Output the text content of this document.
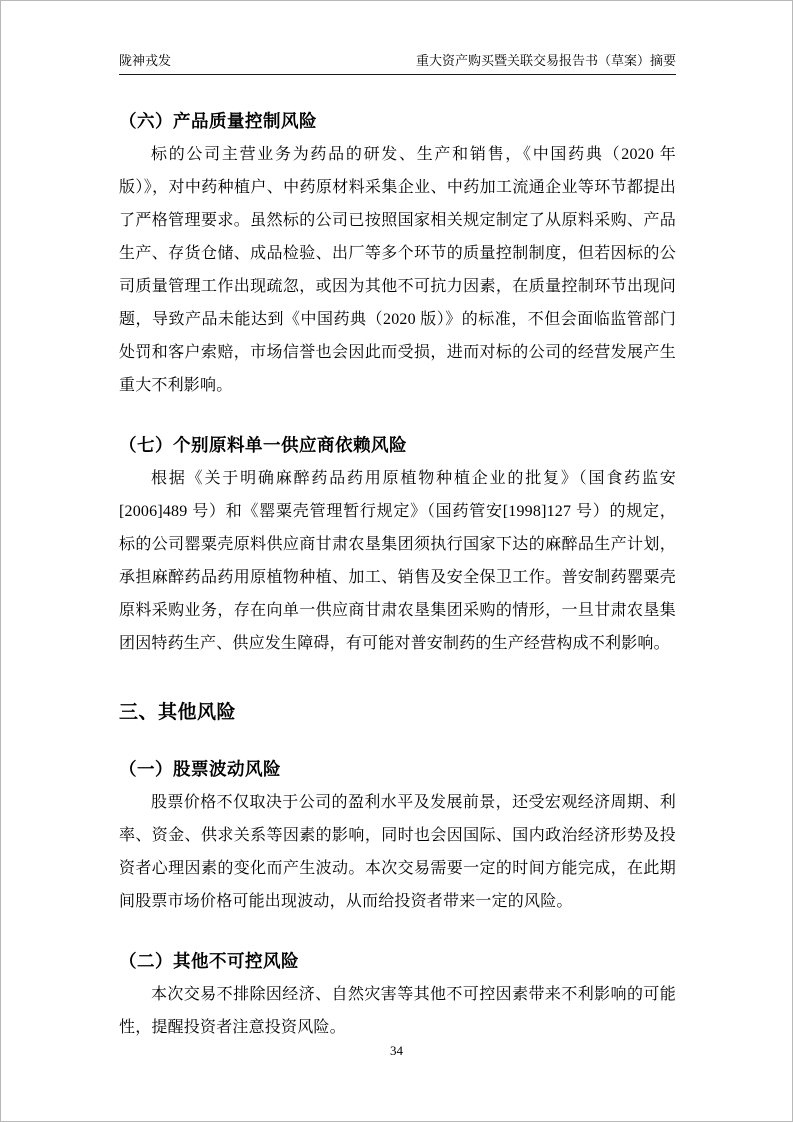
陇神戎发	重大资产购买暨关联交易报告书（草案）摘要
（六）产品质量控制风险

标的公司主营业务为药品的研发、生产和销售，《中国药典（2020 年版）》，对中药种植户、中药原材料采集企业、中药加工流通企业等环节都提出了严格管理要求。虽然标的公司已按照国家相关规定制定了从原料采购、产品生产、存货仓储、成品检验、出厂等多个环节的质量控制制度，但若因标的公司质量管理工作出现疏忽，或因为其他不可抗力因素，在质量控制环节出现问题，导致产品未能达到《中国药典（2020 版）》的标准，不但会面临监管部门处罚和客户索赔，市场信誉也会因此而受损，进而对标的公司的经营发展产生重大不利影响。

（七）个别原料单一供应商依赖风险

根据《关于明确麻醉药品药用原植物种植企业的批复》（国食药监安[2006]489 号）和《罂粟壳管理暂行规定》（国药管安[1998]127 号）的规定，标的公司罂粟壳原料供应商甘肃农垦集团须执行国家下达的麻醉品生产计划，承担麻醉药品药用原植物种植、加工、销售及安全保卫工作。普安制药罂粟壳原料采购业务，存在向单一供应商甘肃农垦集团采购的情形，一旦甘肃农垦集团因特药生产、供应发生障碍，有可能对普安制药的生产经营构成不利影响。

三、其他风险
（一）股票波动风险

股票价格不仅取决于公司的盈利水平及发展前景，还受宏观经济周期、利率、资金、供求关系等因素的影响，同时也会因国际、国内政治经济形势及投资者心理因素的变化而产生波动。本次交易需要一定的时间方能完成，在此期间股票市场价格可能出现波动，从而给投资者带来一定的风险。

（二）其他不可控风险

本次交易不排除因经济、自然灾害等其他不可控因素带来不利影响的可能性，提醒投资者注意投资风险。

34
